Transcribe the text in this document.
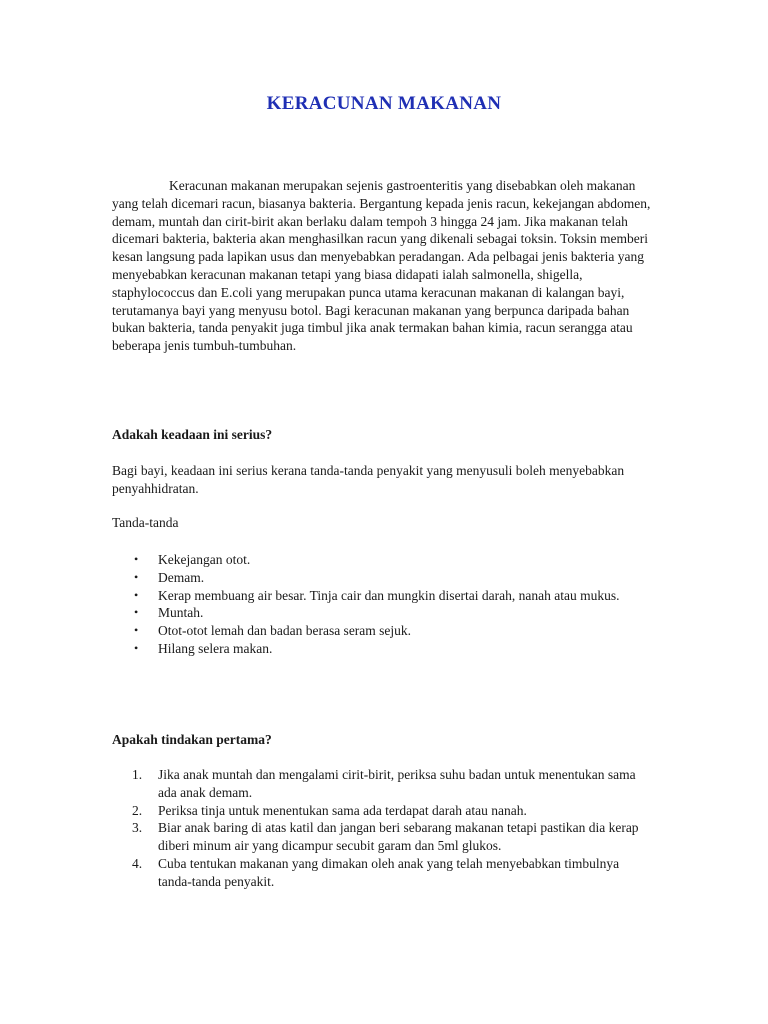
KERACUNAN MAKANAN

Keracunan makanan merupakan sejenis gastroenteritis yang disebabkan oleh makanan yang telah dicemari racun, biasanya bakteria. Bergantung kepada jenis racun, kekejangan abdomen, demam, muntah dan cirit-birit akan berlaku dalam tempoh 3 hingga 24 jam. Jika makanan telah dicemari bakteria, bakteria akan menghasilkan racun yang dikenali sebagai toksin. Toksin memberi kesan langsung pada lapikan usus dan menyebabkan peradangan. Ada pelbagai jenis bakteria yang menyebabkan keracunan makanan tetapi yang biasa didapati ialah salmonella, shigella, staphylococcus dan E.coli yang merupakan punca utama keracunan makanan di kalangan bayi, terutamanya bayi yang menyusu botol. Bagi keracunan makanan yang berpunca daripada bahan bukan bakteria, tanda penyakit juga timbul jika anak termakan bahan kimia, racun serangga atau beberapa jenis tumbuh-tumbuhan.

Adakah keadaan ini serius?

Bagi bayi, keadaan ini serius kerana tanda-tanda penyakit yang menyusuli boleh menyebabkan penyahhidratan.

Tanda-tanda

• Kekejangan otot.
• Demam.
• Kerap membuang air besar. Tinja cair dan mungkin disertai darah, nanah atau mukus.
• Muntah.
• Otot-otot lemah dan badan berasa seram sejuk.
• Hilang selera makan.

Apakah tindakan pertama?

1. Jika anak muntah dan mengalami cirit-birit, periksa suhu badan untuk menentukan sama ada anak demam.
2. Periksa tinja untuk menentukan sama ada terdapat darah atau nanah.
3. Biar anak baring di atas katil dan jangan beri sebarang makanan tetapi pastikan dia kerap diberi minum air yang dicampur secubit garam dan 5ml glukos.
4. Cuba tentukan makanan yang dimakan oleh anak yang telah menyebabkan timbulnya tanda-tanda penyakit.
